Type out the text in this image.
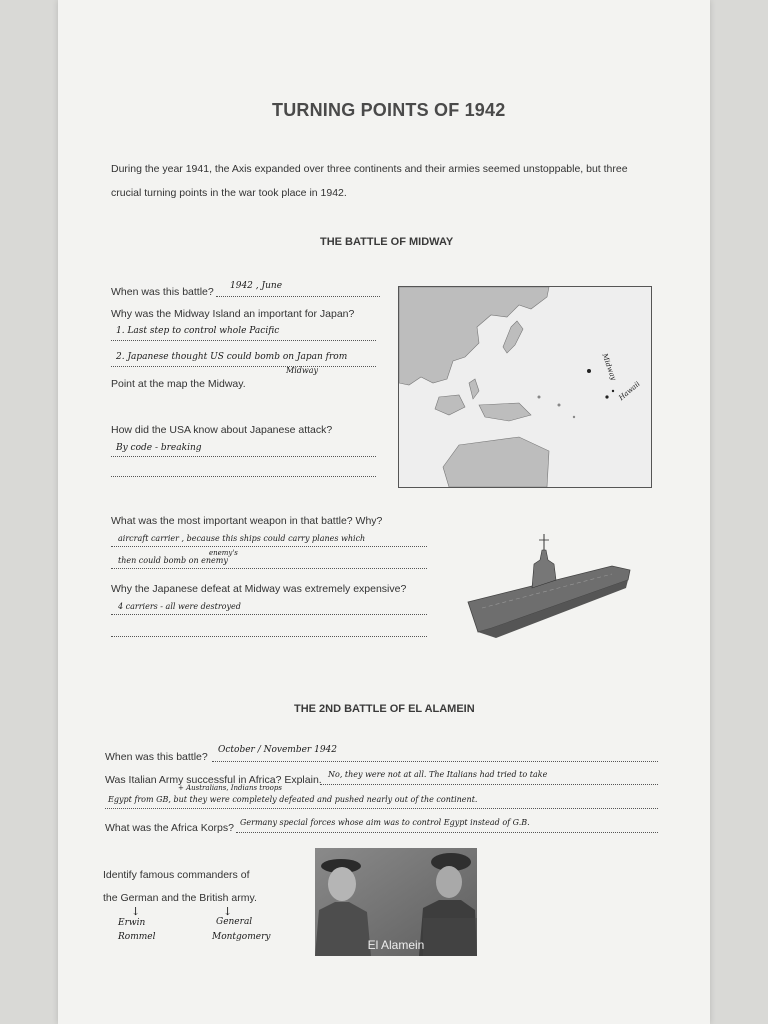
TURNING POINTS OF 1942
During the year 1941, the Axis expanded over three continents and their armies seemed unstoppable, but three crucial turning points in the war took place in 1942.
THE BATTLE OF MIDWAY
When was this battle? 1942 , June
Why was the Midway Island an important for Japan?
1. Last step to control whole Pacific
2. Japanese thought US could bomb on Japan from
Midway
Point at the map the Midway.
Midway
Hawaii
How did the USA know about Japanese attack?
By code - breaking
What was the most important weapon in that battle? Why?
aircraft carrier , because this ships could carry planes which
enemy's
then could bomb on enemy
Why the Japanese defeat at Midway was extremely expensive?
4 carriers - all were destroyed
THE 2ND BATTLE OF EL ALAMEIN
When was this battle?
October / November 1942
Was Italian Army successful in Africa? Explain. No, they were not at all. The Italians had tried to take
+ Australians, Indians troops
Egypt from GB, but they were completely defeated and pushed nearly out of the continent.
What was the Africa Korps? Germany special forces whose aim was to control Egypt instead of G.B.
Identify famous commanders of
the German and the British army.
↓
Erwin
Rommel
↓
General
Montgomery
El Alamein
